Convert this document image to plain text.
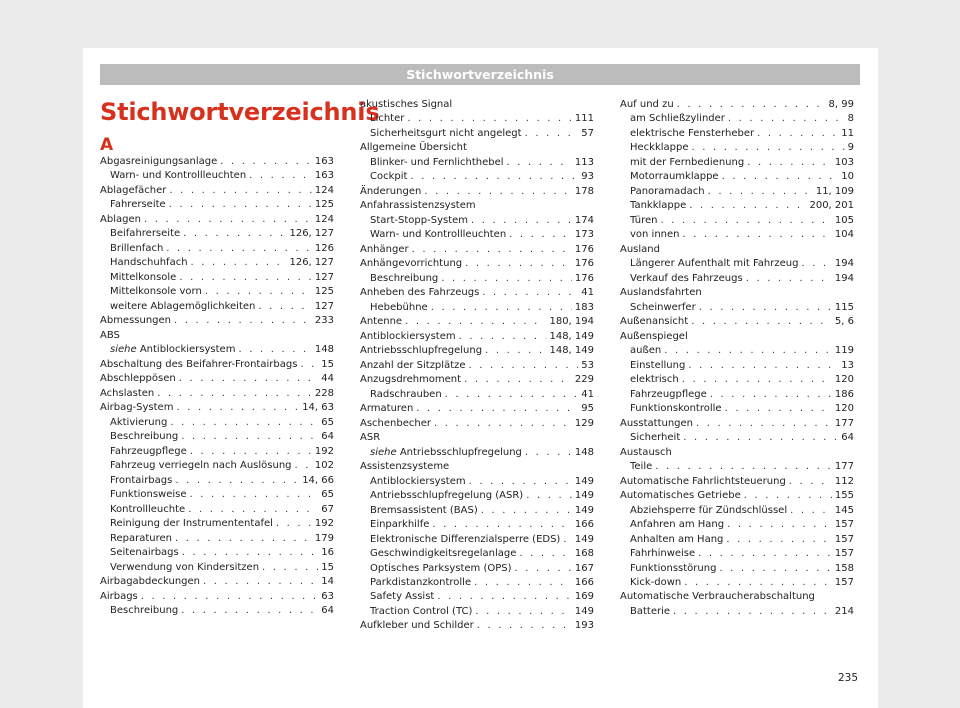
Stichwortverzeichnis
Stichwortverzeichnis
A
Abgasreinigungsanlage . . .	163
Warn- und Kontrollleuchten . . .	163
Ablagefächer . . .	124
Fahrerseite . . .	125
Ablagen . . .	124
Beifahrerseite . . .	126, 127
Brillenfach . . .	126
Handschuhfach . . .	126, 127
Mittelkonsole . . .	127
Mittelkonsole vorn . . .	125
weitere Ablagemöglichkeiten . . .	127
Abmessungen . . .	233
ABS
siehe Antiblockiersystem . . .	148
Abschaltung des Beifahrer-Frontairbags . . . 15
Abschleppösen . . .	44
Achslasten . . .	228
Airbag-System . . .	14, 63
Aktivierung . . .	65
Beschreibung . . .	64
Fahrzeugpflege . . .	192
Fahrzeug verriegeln nach Auslösung . . . 102
Frontairbags . . .	14, 66
Funktionsweise . . .	65
Kontrollleuchte . . .	67
Reinigung der Instrumententafel . . .	192
Reparaturen . . .	179
Seitenairbags . . .	16
Verwendung von Kindersitzen . . .	15
Airbagabdeckungen . . .	14
Airbags . . .	63
Beschreibung . . .	64
akustisches Signal
Lichter . . .	111
Sicherheitsgurt nicht angelegt . . .	57
Allgemeine Übersicht
Blinker- und Fernlichthebel . . .	113
Cockpit . . .	93
Änderungen . . .	178
Anfahrassistenzsystem
Start-Stopp-System . . .	174
Warn- und Kontrollleuchten . . .	173
Anhänger . . .	176
Anhängevorrichtung . . .	176
Beschreibung . . .	176
Anheben des Fahrzeugs . . .	41
Hebebühne . . .	183
Antenne . . .	180, 194
Antiblockiersystem . . .	148, 149
Antriebsschlupfregelung . . .	148, 149
Anzahl der Sitzplätze . . .	53
Anzugsdrehmoment . . .	229
Radschrauben . . .	41
Armaturen . . .	95
Aschenbecher . . .	129
ASR
siehe Antriebsschlupfregelung . . .	148
Assistenzsysteme
Antiblockiersystem . . .	149
Antriebsschlupfregelung (ASR) . . .	149
Bremsassistent (BAS) . . .	149
Einparkhilfe . . .	166
Elektronische Differenzialsperre (EDS) . . . 149
Geschwindigkeitsregelanlage . . .	168
Optisches Parksystem (OPS) . . .	167
Parkdistanzkontrolle . . .	166
Safety Assist . . .	169
Traction Control (TC) . . .	149
Aufkleber und Schilder . . .	193
Auf und zu . . .	8, 99
am Schließzylinder . . .	8
elektrische Fensterheber . . .	11
Heckklappe . . .	9
mit der Fernbedienung . . .	103
Motorraumklappe . . .	10
Panoramadach . . .	11, 109
Tankklappe . . .	200, 201
Türen . . .	105
von innen . . .	104
Ausland
Längerer Aufenthalt mit Fahrzeug . . .	194
Verkauf des Fahrzeugs . . .	194
Auslandsfahrten
Scheinwerfer . . .	115
Außenansicht . . .	5, 6
Außenspiegel
außen . . .	119
Einstellung . . .	13
elektrisch . . .	120
Fahrzeugpflege . . .	186
Funktionskontrolle . . .	120
Ausstattungen . . .	177
Sicherheit . . .	64
Austausch
Teile . . .	177
Automatische Fahrlichtsteuerung . . .	112
Automatisches Getriebe . . .	155
Abziehsperre für Zündschlüssel . . .	145
Anfahren am Hang . . .	157
Anhalten am Hang . . .	157
Fahrhinweise . . .	157
Funktionsstörung . . .	158
Kick-down . . .	157
Automatische Verbraucherabschaltung
Batterie . . .	214
235
